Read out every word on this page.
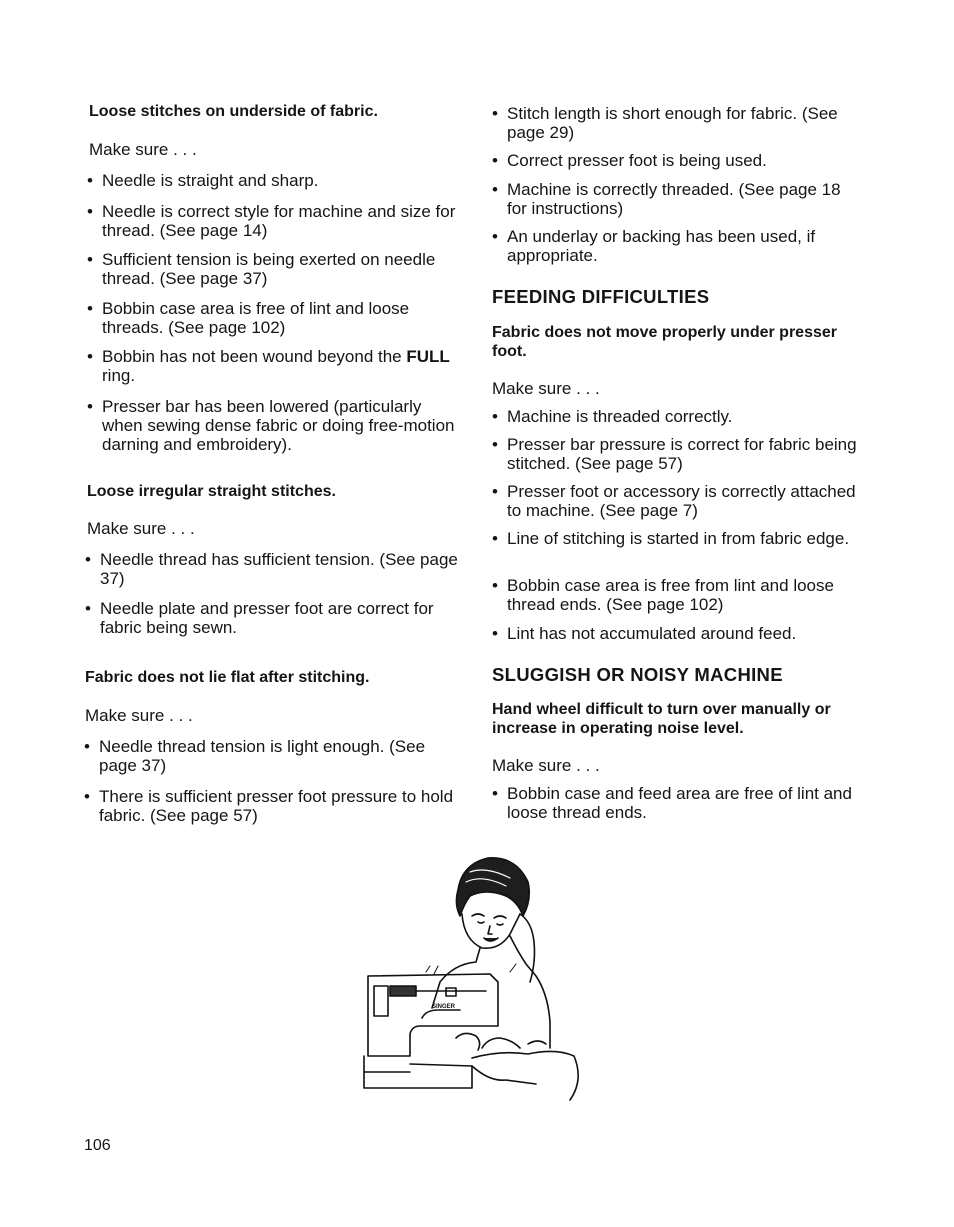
Loose stitches on underside of fabric.
Make sure . . .
• Needle is straight and sharp.
• Needle is correct style for machine and size for thread. (See page 14)
• Sufficient tension is being exerted on needle thread. (See page 37)
• Bobbin case area is free of lint and loose threads. (See page 102)
• Bobbin has not been wound beyond the FULL ring.
• Presser bar has been lowered (particularly when sewing dense fabric or doing free-motion darning and embroidery).
Loose irregular straight stitches.
Make sure . . .
• Needle thread has sufficient tension. (See page 37)
• Needle plate and presser foot are correct for fabric being sewn.
Fabric does not lie flat after stitching.
Make sure . . .
• Needle thread tension is light enough. (See page 37)
• There is sufficient presser foot pressure to hold fabric. (See page 57)
• Stitch length is short enough for fabric. (See page 29)
• Correct presser foot is being used.
• Machine is correctly threaded. (See page 18 for instructions)
• An underlay or backing has been used, if appropriate.
FEEDING DIFFICULTIES
Fabric does not move properly under presser foot.
Make sure . . .
• Machine is threaded correctly.
• Presser bar pressure is correct for fabric being stitched. (See page 57)
• Presser foot or accessory is correctly attached to machine. (See page 7)
• Line of stitching is started in from fabric edge.
• Bobbin case area is free from lint and loose thread ends. (See page 102)
• Lint has not accumulated around feed.
SLUGGISH OR NOISY MACHINE
Hand wheel difficult to turn over manually or increase in operating noise level.
Make sure . . .
• Bobbin case and feed area are free of lint and loose thread ends.
SINGER
106
